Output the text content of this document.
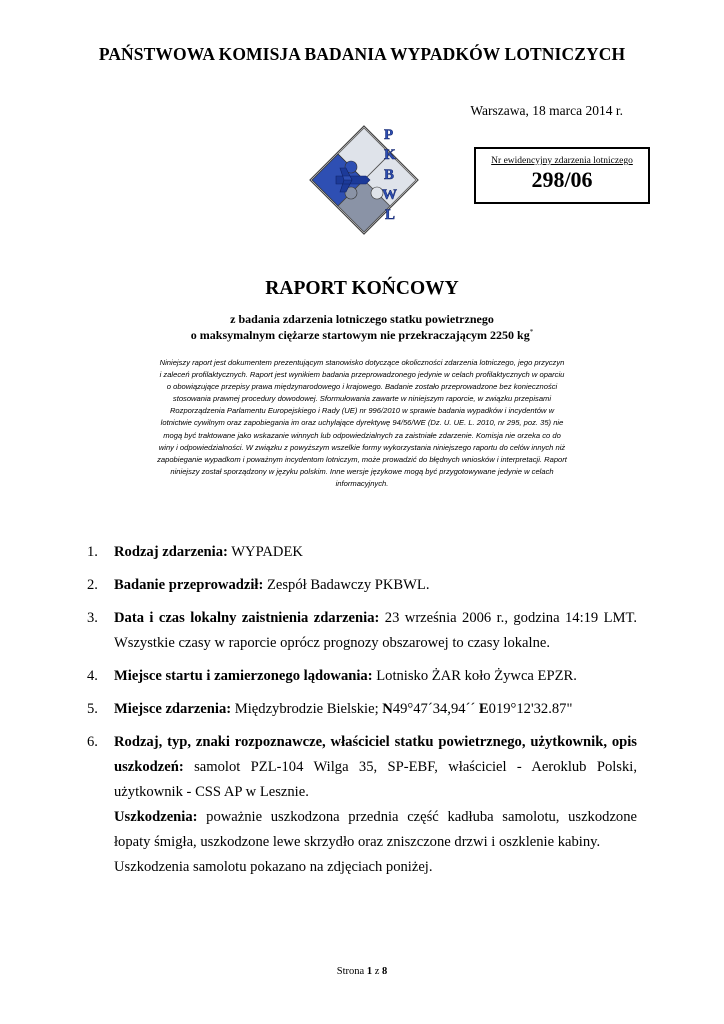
PAŃSTWOWA KOMISJA BADANIA WYPADKÓW LOTNICZYCH
Warszawa, 18 marca 2014 r.
P
K
B
W
L
Nr ewidencyjny zdarzenia lotniczego
298/06
RAPORT KOŃCOWY
z badania zdarzenia lotniczego statku powietrznego
o maksymalnym ciężarze startowym nie przekraczającym 2250 kg*
Niniejszy raport jest dokumentem prezentującym stanowisko dotyczące okoliczności zdarzenia lotniczego, jego przyczyn
i zaleceń profilaktycznych. Raport jest wynikiem badania przeprowadzonego jedynie w celach profilaktycznych w oparciu
o obowiązujące przepisy prawa międzynarodowego i krajowego. Badanie zostało przeprowadzone bez konieczności
stosowania prawnej procedury dowodowej. Sformułowania zawarte w niniejszym raporcie, w związku przepisami
Rozporządzenia Parlamentu Europejskiego i Rady (UE) nr 996/2010 w sprawie badania wypadków i incydentów w
lotnictwie cywilnym oraz zapobiegania im oraz uchylające dyrektywę 94/56/WE (Dz. U. UE. L. 2010, nr 295, poz. 35) nie
mogą być traktowane jako wskazanie winnych lub odpowiedzialnych za zaistniałe zdarzenie. Komisja nie orzeka co do
winy i odpowiedzialności. W związku z powyższym wszelkie formy wykorzystania niniejszego raportu do celów innych niż
zapobieganie wypadkom i poważnym incydentom lotniczym, może prowadzić do błędnych wniosków i interpretacji. Raport
niniejszy został sporządzony w języku polskim. Inne wersje językowe mogą być przygotowywane jedynie w celach
informacyjnych.
1. Rodzaj zdarzenia: WYPADEK
2. Badanie przeprowadził: Zespół Badawczy PKBWL.
3. Data i czas lokalny zaistnienia zdarzenia: 23 września 2006 r., godzina 14:19 LMT. Wszystkie czasy w raporcie oprócz prognozy obszarowej to czasy lokalne.
4. Miejsce startu i zamierzonego lądowania: Lotnisko ŻAR koło Żywca EPZR.
5. Miejsce zdarzenia: Międzybrodzie Bielskie; N49°47´34,94´´ E019°12'32.87"
6. Rodzaj, typ, znaki rozpoznawcze, właściciel statku powietrznego, użytkownik, opis uszkodzeń: samolot PZL-104 Wilga 35, SP-EBF, właściciel - Aeroklub Polski, użytkownik - CSS AP w Lesznie.
Uszkodzenia: poważnie uszkodzona przednia część kadłuba samolotu, uszkodzone łopaty śmigła, uszkodzone lewe skrzydło oraz zniszczone drzwi i oszklenie kabiny.
Uszkodzenia samolotu pokazano na zdjęciach poniżej.
Strona 1 z 8
